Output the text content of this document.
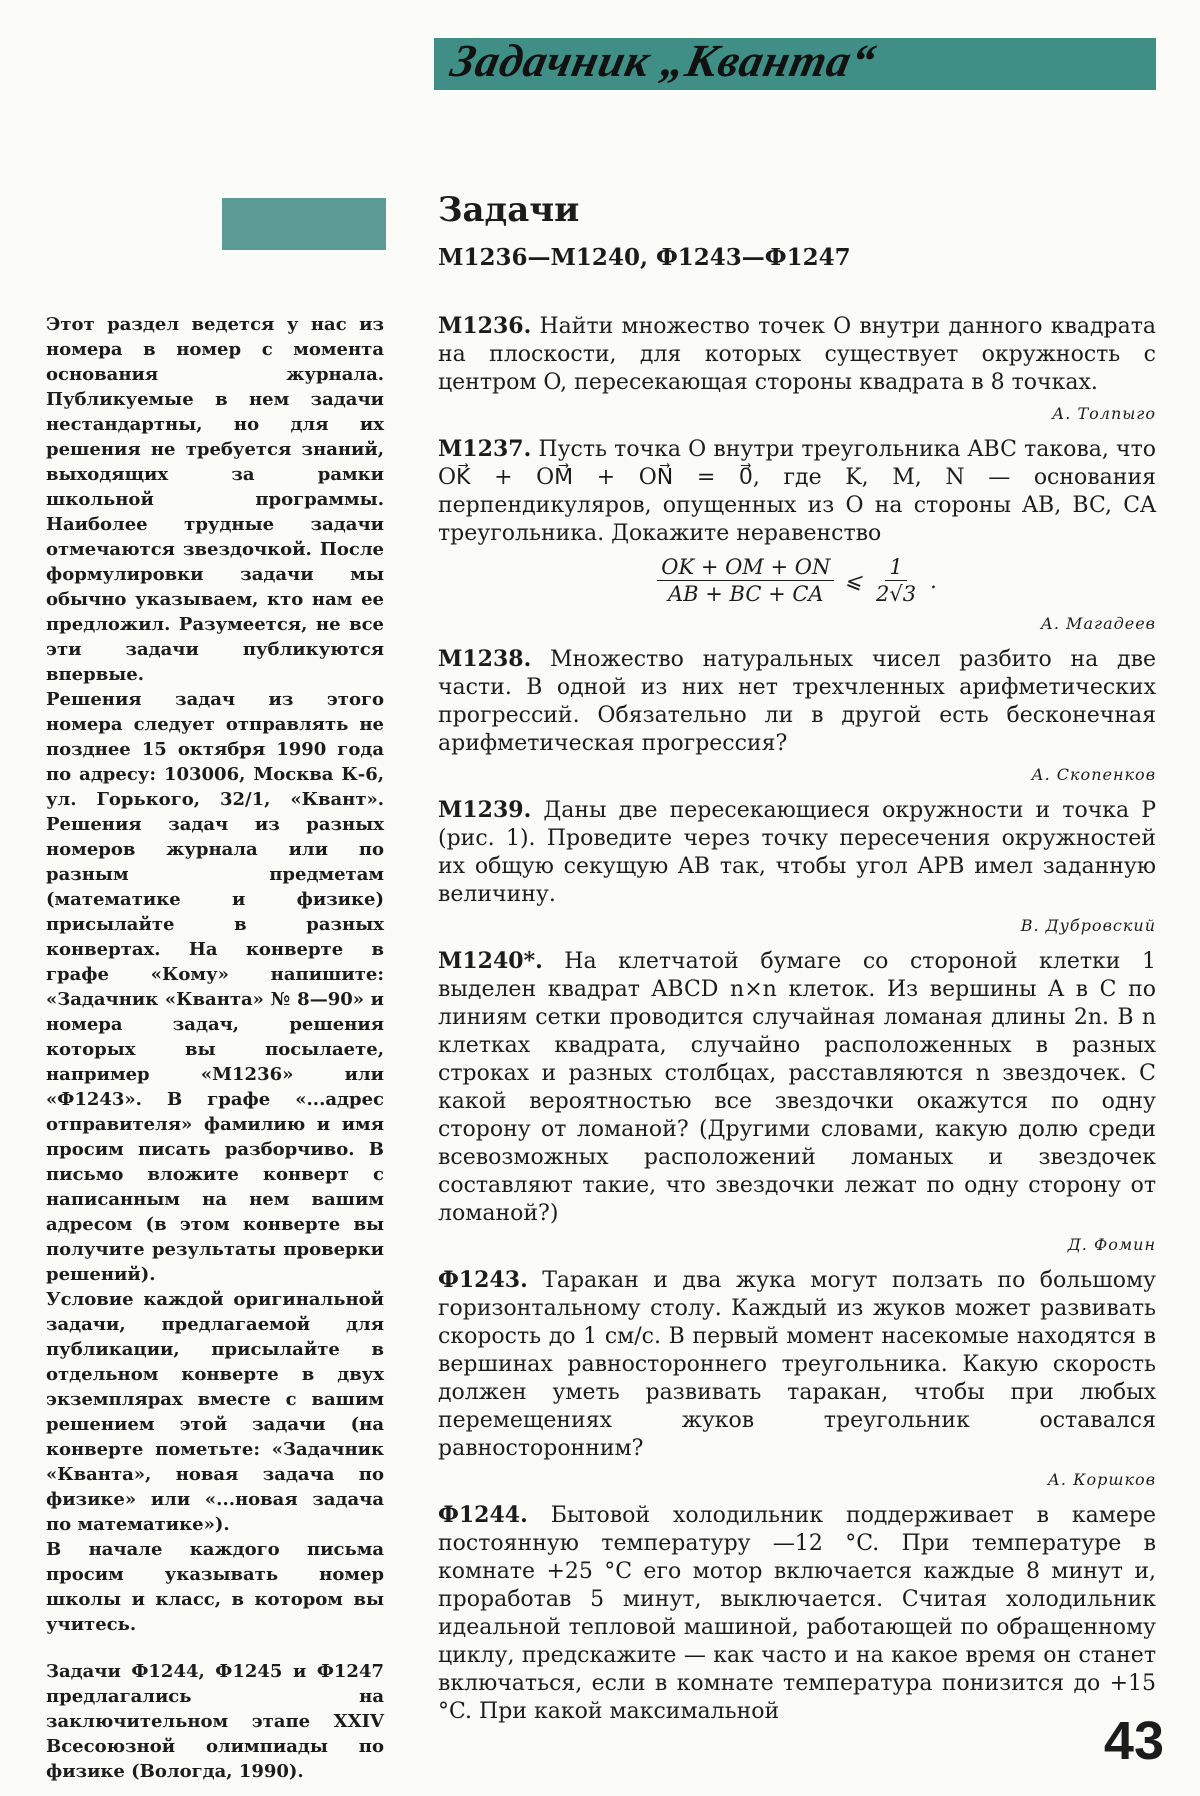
Задачник „Кванта“
Задачи
М1236—М1240, Ф1243—Ф1247

Этот раздел ведется у нас из номера в номер с момента основания журнала. Публикуемые в нем задачи нестандартны, но для их решения не требуется знаний, выходящих за рамки школьной программы. Наиболее трудные задачи отмечаются звездочкой. После формулировки задачи мы обычно указываем, кто нам ее предложил. Разумеется, не все эти задачи публикуются впервые.

Решения задач из этого номера следует отправлять не позднее 15 октября 1990 года по адресу: 103006, Москва К-6, ул. Горького, 32/1, «Квант». Решения задач из разных номеров журнала или по разным предметам (математике и физике) присылайте в разных конвертах. На конверте в графе «Кому» напишите: «Задачник «Кванта» № 8—90» и номера задач, решения которых вы посылаете, например «М1236» или «Ф1243». В графе «...адрес отправителя» фамилию и имя просим писать разборчиво. В письмо вложите конверт с написанным на нем вашим адресом (в этом конверте вы получите результаты проверки решений).

Условие каждой оригинальной задачи, предлагаемой для публикации, присылайте в отдельном конверте в двух экземплярах вместе с вашим решением этой задачи (на конверте пометьте: «Задачник «Кванта», новая задача по физике» или «...новая задача по математике»).

В начале каждого письма просим указывать номер школы и класс, в котором вы учитесь.

Задачи Ф1244, Ф1245 и Ф1247 предлагались на заключительном этапе XXIV Всесоюзной олимпиады по физике (Вологда, 1990).

М1236. Найти множество точек O внутри данного квадрата на плоскости, для которых существует окружность с центром O, пересекающая стороны квадрата в 8 точках.

А. Толпыго

М1237. Пусть точка O внутри треугольника ABC такова, что OK⃗ + OM⃗ + ON⃗ = 0⃗, где K, M, N — основания перпендикуляров, опущенных из O на стороны AB, BC, CA треугольника. Докажите неравенство

$\frac{OK + OM + ON}{AB + BC + CA}$ ⩽ $\frac{1}{2√3}$ .
А. Магадеев

М1238. Множество натуральных чисел разбито на две части. В одной из них нет трехчленных арифметических прогрессий. Обязательно ли в другой есть бесконечная арифметическая прогрессия?

А. Скопенков

М1239. Даны две пересекающиеся окружности и точка P (рис. 1). Проведите через точку пересечения окружностей их общую секущую AB так, чтобы угол APB имел заданную величину.

В. Дубровский

М1240*. На клетчатой бумаге со стороной клетки 1 выделен квадрат ABCD n×n клеток. Из вершины A в C по линиям сетки проводится случайная ломаная длины 2n. В n клетках квадрата, случайно расположенных в разных строках и разных столбцах, расставляются n звездочек. С какой вероятностью все звездочки окажутся по одну сторону от ломаной? (Другими словами, какую долю среди всевозможных расположений ломаных и звездочек составляют такие, что звездочки лежат по одну сторону от ломаной?)

Д. Фомин

Ф1243. Таракан и два жука могут ползать по большому горизонтальному столу. Каждый из жуков может развивать скорость до 1 см/с. В первый момент насекомые находятся в вершинах равностороннего треугольника. Какую скорость должен уметь развивать таракан, чтобы при любых перемещениях жуков треугольник оставался равносторонним?

А. Коршков

Ф1244. Бытовой холодильник поддерживает в камере постоянную температуру —12 °C. При температуре в комнате +25 °C его мотор включается каждые 8 минут и, проработав 5 минут, выключается. Считая холодильник идеальной тепловой машиной, работающей по обращенному циклу, предскажите — как часто и на какое время он станет включаться, если в комнате температура понизится до +15 °C. При какой максимальной	43
